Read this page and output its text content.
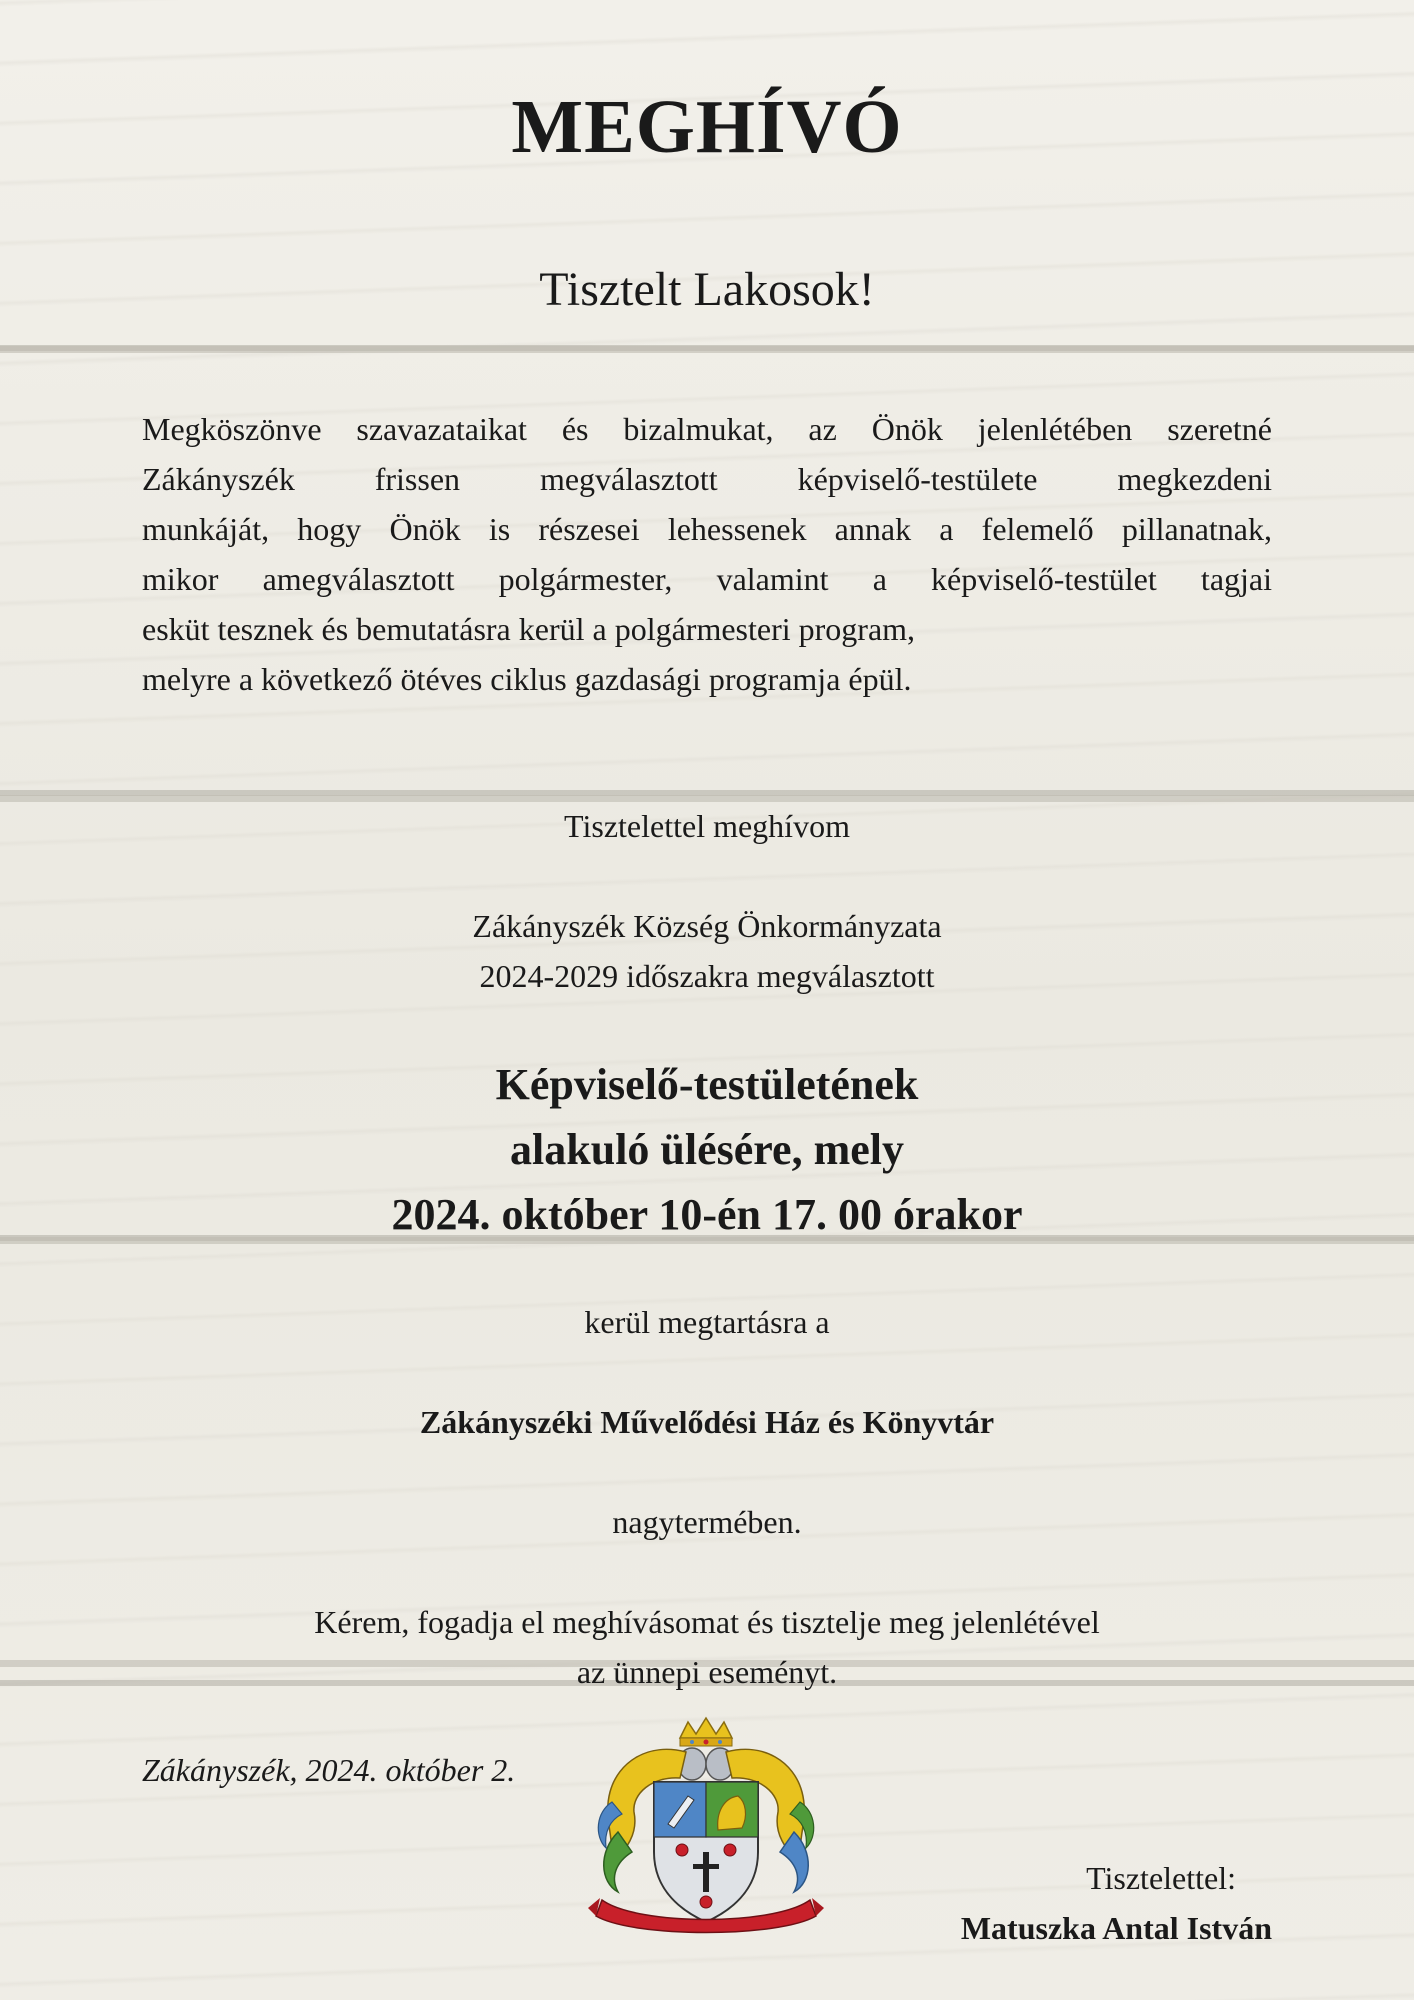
MEGHÍVÓ
Tisztelt Lakosok!
Megköszönve szavazataikat és bizalmukat, az Önök jelenlétében szeretné
Zákányszék frissen megválasztott képviselő-testülete megkezdeni
munkáját, hogy Önök is részesei lehessenek annak a felemelő pillanatnak,
mikor amegválasztott polgármester, valamint a képviselő-testület tagjai
esküt tesznek és bemutatásra kerül a polgármesteri program,
melyre a következő ötéves ciklus gazdasági programja épül.
Tisztelettel meghívom
Zákányszék Község Önkormányzata
2024-2029 időszakra megválasztott
Képviselő-testületének
alakuló ülésére, mely
2024. október 10-én 17. 00 órakor
kerül megtartásra a
Zákányszéki Művelődési Ház és Könyvtár
nagytermében.
Kérem, fogadja el meghívásomat és tisztelje meg jelenlétével
az ünnepi eseményt.
Zákányszék, 2024. október 2.
Tisztelettel:
Matuszka Antal István
